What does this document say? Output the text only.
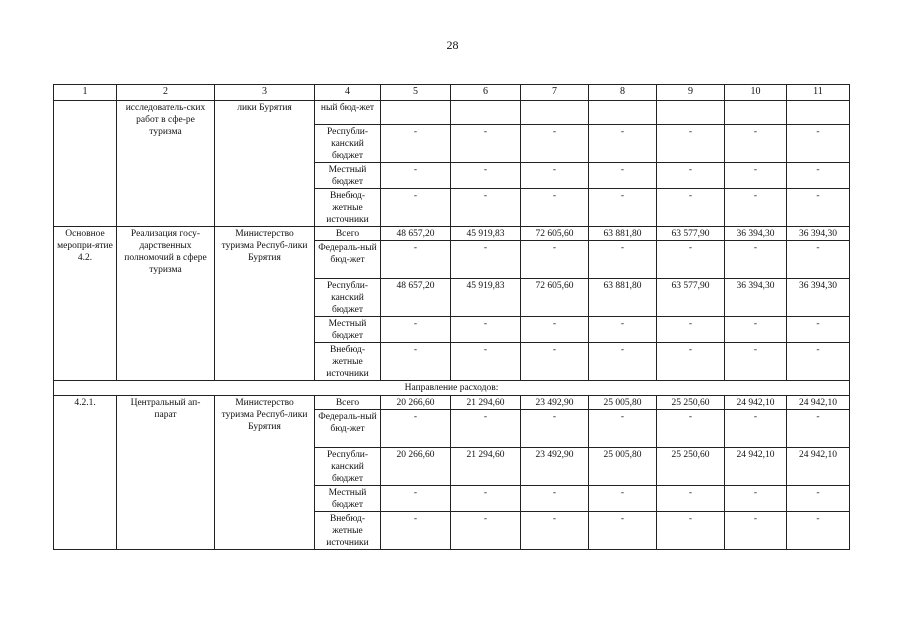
28
1	2	3	4	5	6	7	8	9	10	11
	исследователь-ских работ в сфе-ре туризма	лики Бурятия	ный бюд-жет							
			Республи-канский бюджет	-	-	-	-	-	-	-
			Местный бюджет	-	-	-	-	-	-	-
			Внебюд-жетные источники	-	-	-	-	-	-	-
Основное меропри-ятие 4.2.	Реализация госу-дарственных полномочий в сфере туризма	Министерство туризма Респуб-лики Бурятия	Всего	48 657,20	45 919,83	72 605,60	63 881,80	63 577,90	36 394,30	36 394,30
			Федераль-ный бюд-жет	-	-	-	-	-	-	-
			Республи-канский бюджет	48 657,20	45 919,83	72 605,60	63 881,80	63 577,90	36 394,30	36 394,30
			Местный бюджет	-	-	-	-	-	-	-
			Внебюд-жетные источники	-	-	-	-	-	-	-
Направление расходов:										
4.2.1.	Центральный ап-парат	Министерство туризма Респуб-лики Бурятия	Всего	20 266,60	21 294,60	23 492,90	25 005,80	25 250,60	24 942,10	24 942,10
			Федераль-ный бюд-жет	-	-	-	-	-	-	-
			Республи-канский бюджет	20 266,60	21 294,60	23 492,90	25 005,80	25 250,60	24 942,10	24 942,10
			Местный бюджет	-	-	-	-	-	-	-
			Внебюд-жетные источники	-	-	-	-	-	-	-
